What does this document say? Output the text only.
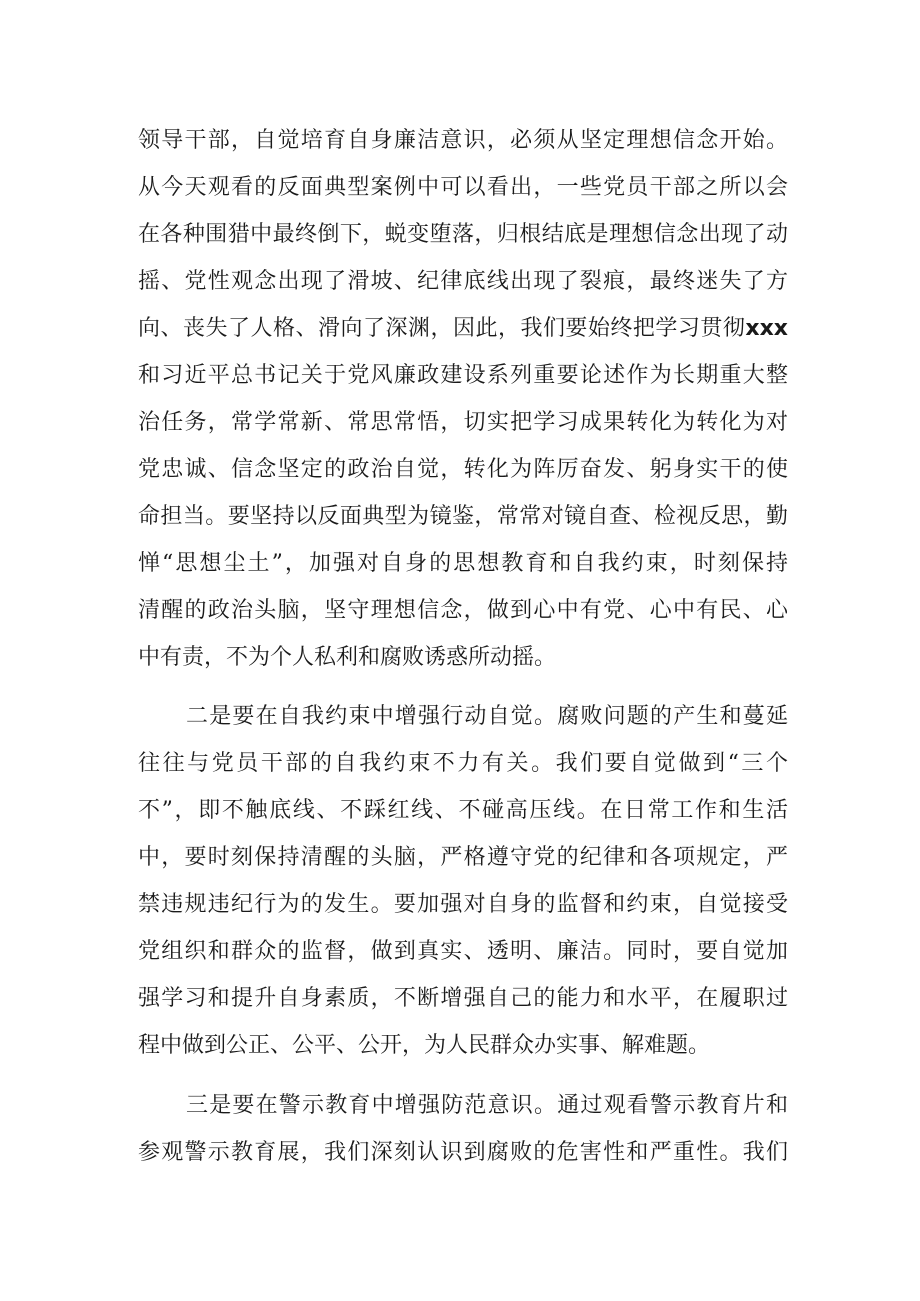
领导干部，自觉培育自身廉洁意识，必须从坚定理想信念开始。
从今天观看的反面典型案例中可以看出，一些党员干部之所以会
在各种围猎中最终倒下，蜕变堕落，归根结底是理想信念出现了动
摇、党性观念出现了滑坡、纪律底线出现了裂痕，最终迷失了方
向、丧失了人格、滑向了深渊，因此，我们要始终把学习贯彻xxx
和习近平总书记关于党风廉政建设系列重要论述作为长期重大整
治任务，常学常新、常思常悟，切实把学习成果转化为转化为对
党忠诚、信念坚定的政治自觉，转化为阵厉奋发、躬身实干的使
命担当。要坚持以反面典型为镜鉴，常常对镜自查、检视反思，勤
惮“思想尘土”，加强对自身的思想教育和自我约束，时刻保持
清醒的政治头脑，坚守理想信念，做到心中有党、心中有民、心
中有责，不为个人私利和腐败诱惑所动摇。
二是要在自我约束中增强行动自觉。腐败问题的产生和蔓延
往往与党员干部的自我约束不力有关。我们要自觉做到“三个
不”，即不触底线、不踩红线、不碰高压线。在日常工作和生活
中，要时刻保持清醒的头脑，严格遵守党的纪律和各项规定，严
禁违规违纪行为的发生。要加强对自身的监督和约束，自觉接受
党组织和群众的监督，做到真实、透明、廉洁。同时，要自觉加
强学习和提升自身素质，不断增强自己的能力和水平，在履职过
程中做到公正、公平、公开，为人民群众办实事、解难题。
三是要在警示教育中增强防范意识。通过观看警示教育片和
参观警示教育展，我们深刻认识到腐败的危害性和严重性。我们
